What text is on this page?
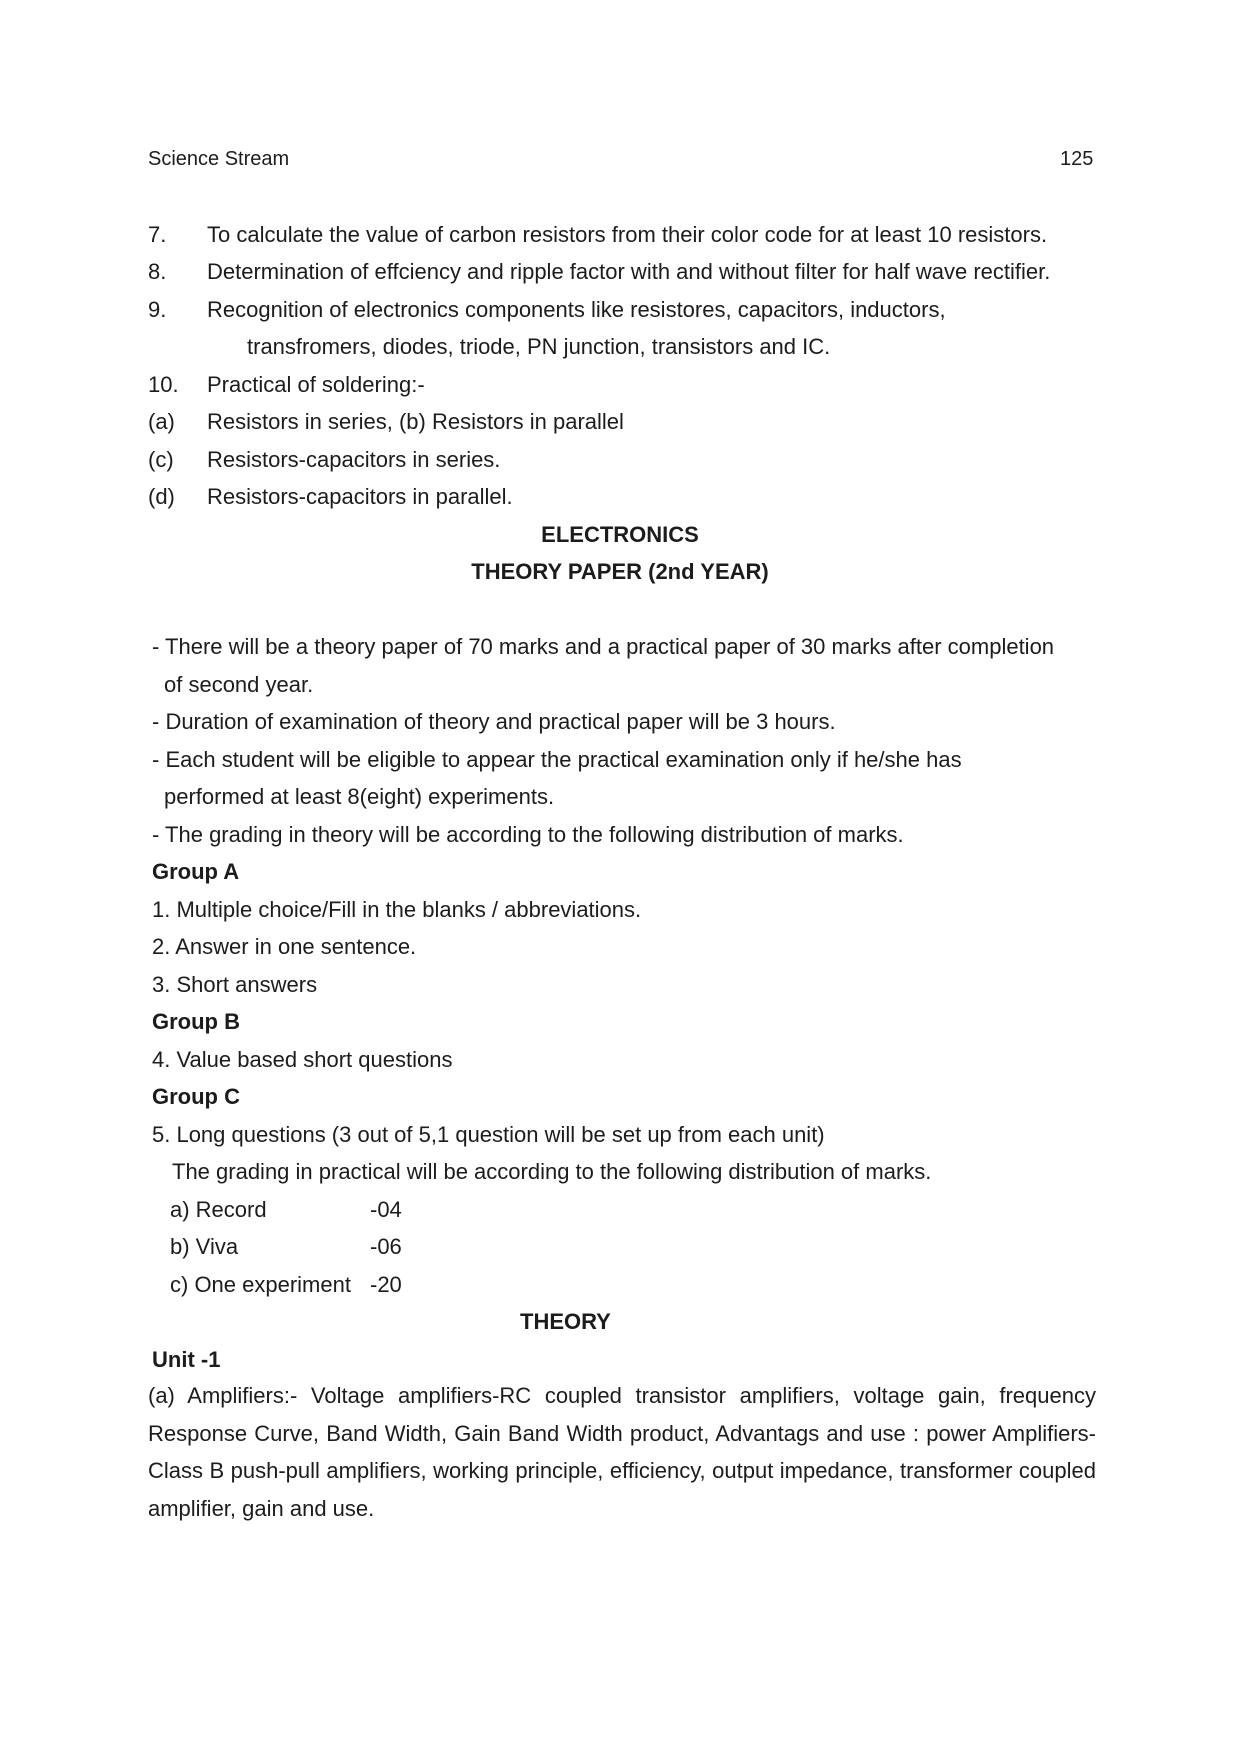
Science Stream	125
7. To calculate the value of carbon resistors from their color code for at least 10 resistors.
8. Determination of effciency and ripple factor with and without filter for half wave rectifier.
9. Recognition of electronics components like resistores, capacitors, inductors,
transfromers, diodes, triode, PN junction, transistors and IC.
10. Practical of soldering:-
(a) Resistors in series, (b) Resistors in parallel
(c) Resistors-capacitors in series.
(d) Resistors-capacitors in parallel.
ELECTRONICS
THEORY PAPER (2nd YEAR)
- There will be a theory paper of 70 marks and a practical paper of 30 marks after completion
of second year.
- Duration of examination of theory and practical paper will be 3 hours.
- Each student will be eligible to appear the practical examination only if he/she has
performed at least 8(eight) experiments.
- The grading in theory will be according to the following distribution of marks.
Group A
1. Multiple choice/Fill in the blanks / abbreviations.
2. Answer in one sentence.
3. Short answers
Group B
4. Value based short questions
Group C
5. Long questions (3 out of 5,1 question will be set up from each unit)
The grading in practical will be according to the following distribution of marks.
a) Record	-04
b) Viva	-06
c) One experiment -20
THEORY
Unit -1
(a) Amplifiers:- Voltage amplifiers-RC coupled transistor amplifiers, voltage gain, frequency Response Curve, Band Width, Gain Band Width product, Advantags and use : power Amplifiers-Class B push-pull amplifiers, working principle, efficiency, output impedance, transformer coupled amplifier, gain and use.
